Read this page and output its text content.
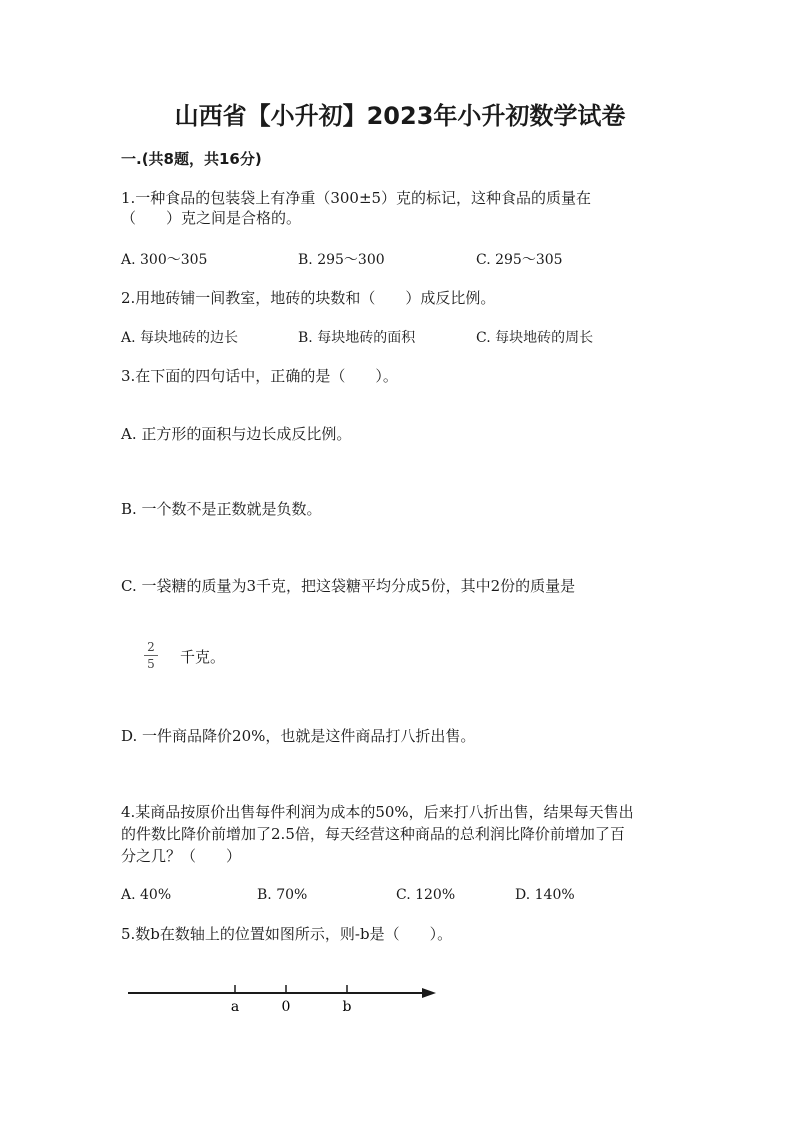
山西省【小升初】2023年小升初数学试卷
一.(共8题，共16分)
1.一种食品的包装袋上有净重（300±5）克的标记，这种食品的质量在
（　　）克之间是合格的。
A. 300～305	B. 295～300	C. 295～305
2.用地砖铺一间教室，地砖的块数和（　　）成反比例。
A. 每块地砖的边长	B. 每块地砖的面积	C. 每块地砖的周长
3.在下面的四句话中，正确的是（　　）。
A. 正方形的面积与边长成反比例。
B. 一个数不是正数就是负数。
C. 一袋糖的质量为3千克，把这袋糖平均分成5份，其中2份的质量是
2
5 千克。
D. 一件商品降价20%，也就是这件商品打八折出售。
4.某商品按原价出售每件利润为成本的50%，后来打八折出售，结果每天售出
的件数比降价前增加了2.5倍，每天经营这种商品的总利润比降价前增加了百
分之几？（　　）
A. 40%	B. 70%	C. 120%	D. 140%
5.数b在数轴上的位置如图所示，则-b是（　　）。
a	0	b
